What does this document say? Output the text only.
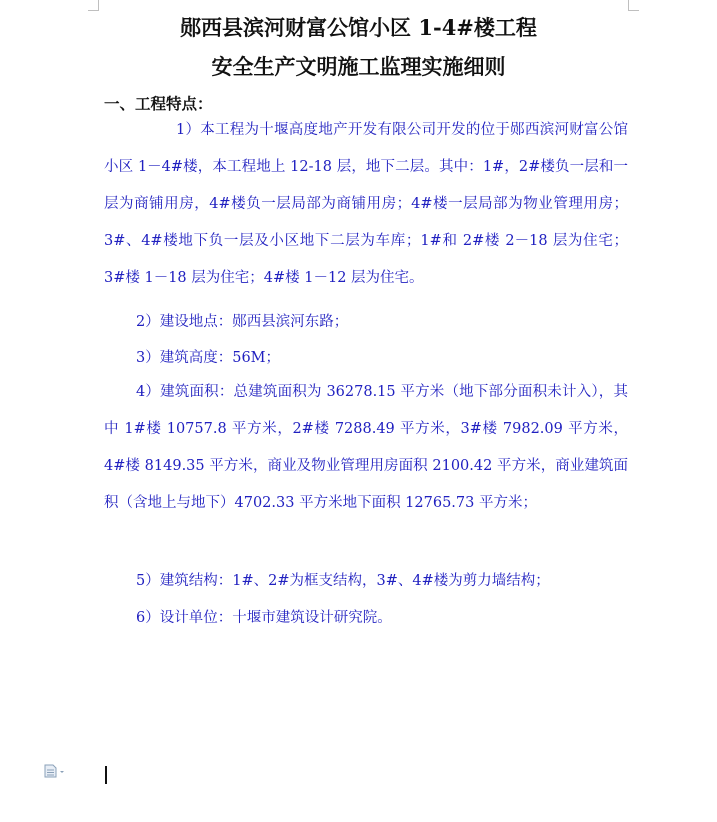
郧西县滨河财富公馆小区 1-4#楼工程
安全生产文明施工监理实施细则
一、工程特点：
1）本工程为十堰高度地产开发有限公司开发的位于郧西滨河财富公馆小区 1－4#楼，本工程地上 12-18 层，地下二层。其中：1#，2#楼负一层和一层为商铺用房，4#楼负一层局部为商铺用房；4#楼一层局部为物业管理用房；3#、4#楼地下负一层及小区地下二层为车库；1#和 2#楼 2－18 层为住宅；3#楼 1－18 层为住宅；4#楼 1－12 层为住宅。
2）建设地点：郧西县滨河东路；
3）建筑高度：56M；
4）建筑面积：总建筑面积为 36278.15 平方米（地下部分面积未计入），其中 1#楼 10757.8 平方米，2#楼 7288.49 平方米，3#楼 7982.09 平方米，4#楼 8149.35 平方米，商业及物业管理用房面积 2100.42 平方米，商业建筑面积（含地上与地下）4702.33 平方米地下面积 12765.73 平方米；
5）建筑结构：1#、2#为框支结构，3#、4#楼为剪力墙结构；
6）设计单位：十堰市建筑设计研究院。
